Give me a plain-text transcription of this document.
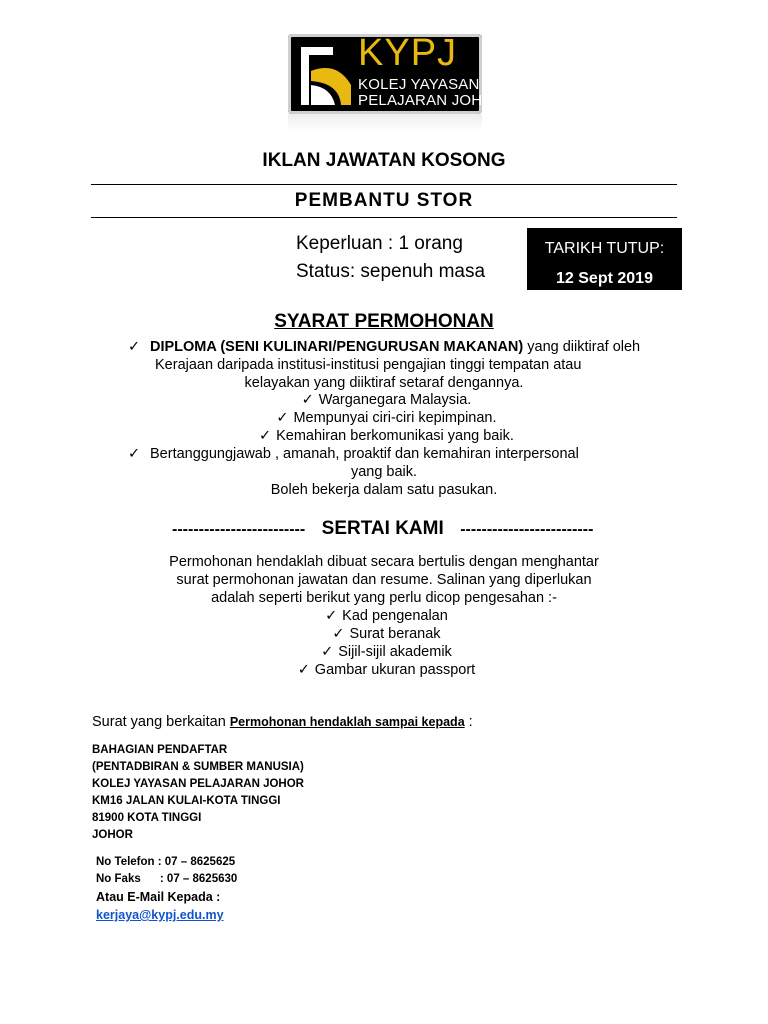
KYPJ
KOLEJ YAYASAN
PELAJARAN JOHOR
IKLAN JAWATAN KOSONG
PEMBANTU STOR
Keperluan : 1 orang
Status: sepenuh masa
TARIKH TUTUP:
12 Sept 2019
SYARAT PERMOHONAN
✓ DIPLOMA (SENI KULINARI/PENGURUSAN MAKANAN) yang diiktiraf oleh
Kerajaan daripada institusi-institusi pengajian tinggi tempatan atau
kelayakan yang diiktiraf setaraf dengannya.
✓ Warganegara Malaysia.
✓ Mempunyai ciri-ciri kepimpinan.
✓ Kemahiran berkomunikasi yang baik.
✓ Bertanggungjawab , amanah, proaktif dan kemahiran interpersonal
yang baik.
Boleh bekerja dalam satu pasukan.
------------------------- SERTAI KAMI -------------------------
Permohonan hendaklah dibuat secara bertulis dengan menghantar
surat permohonan jawatan dan resume. Salinan yang diperlukan
adalah seperti berikut yang perlu dicop pengesahan :-
✓ Kad pengenalan
✓ Surat beranak
✓ Sijil-sijil akademik
✓ Gambar ukuran passport
Surat yang berkaitan Permohonan hendaklah sampai kepada :
BAHAGIAN PENDAFTAR
(PENTADBIRAN & SUMBER MANUSIA)
KOLEJ YAYASAN PELAJARAN JOHOR
KM16 JALAN KULAI-KOTA TINGGI
81900 KOTA TINGGI
JOHOR
No Telefon : 07 – 8625625
No Faks      : 07 – 8625630
Atau E-Mail Kepada :
kerjaya@kypj.edu.my
